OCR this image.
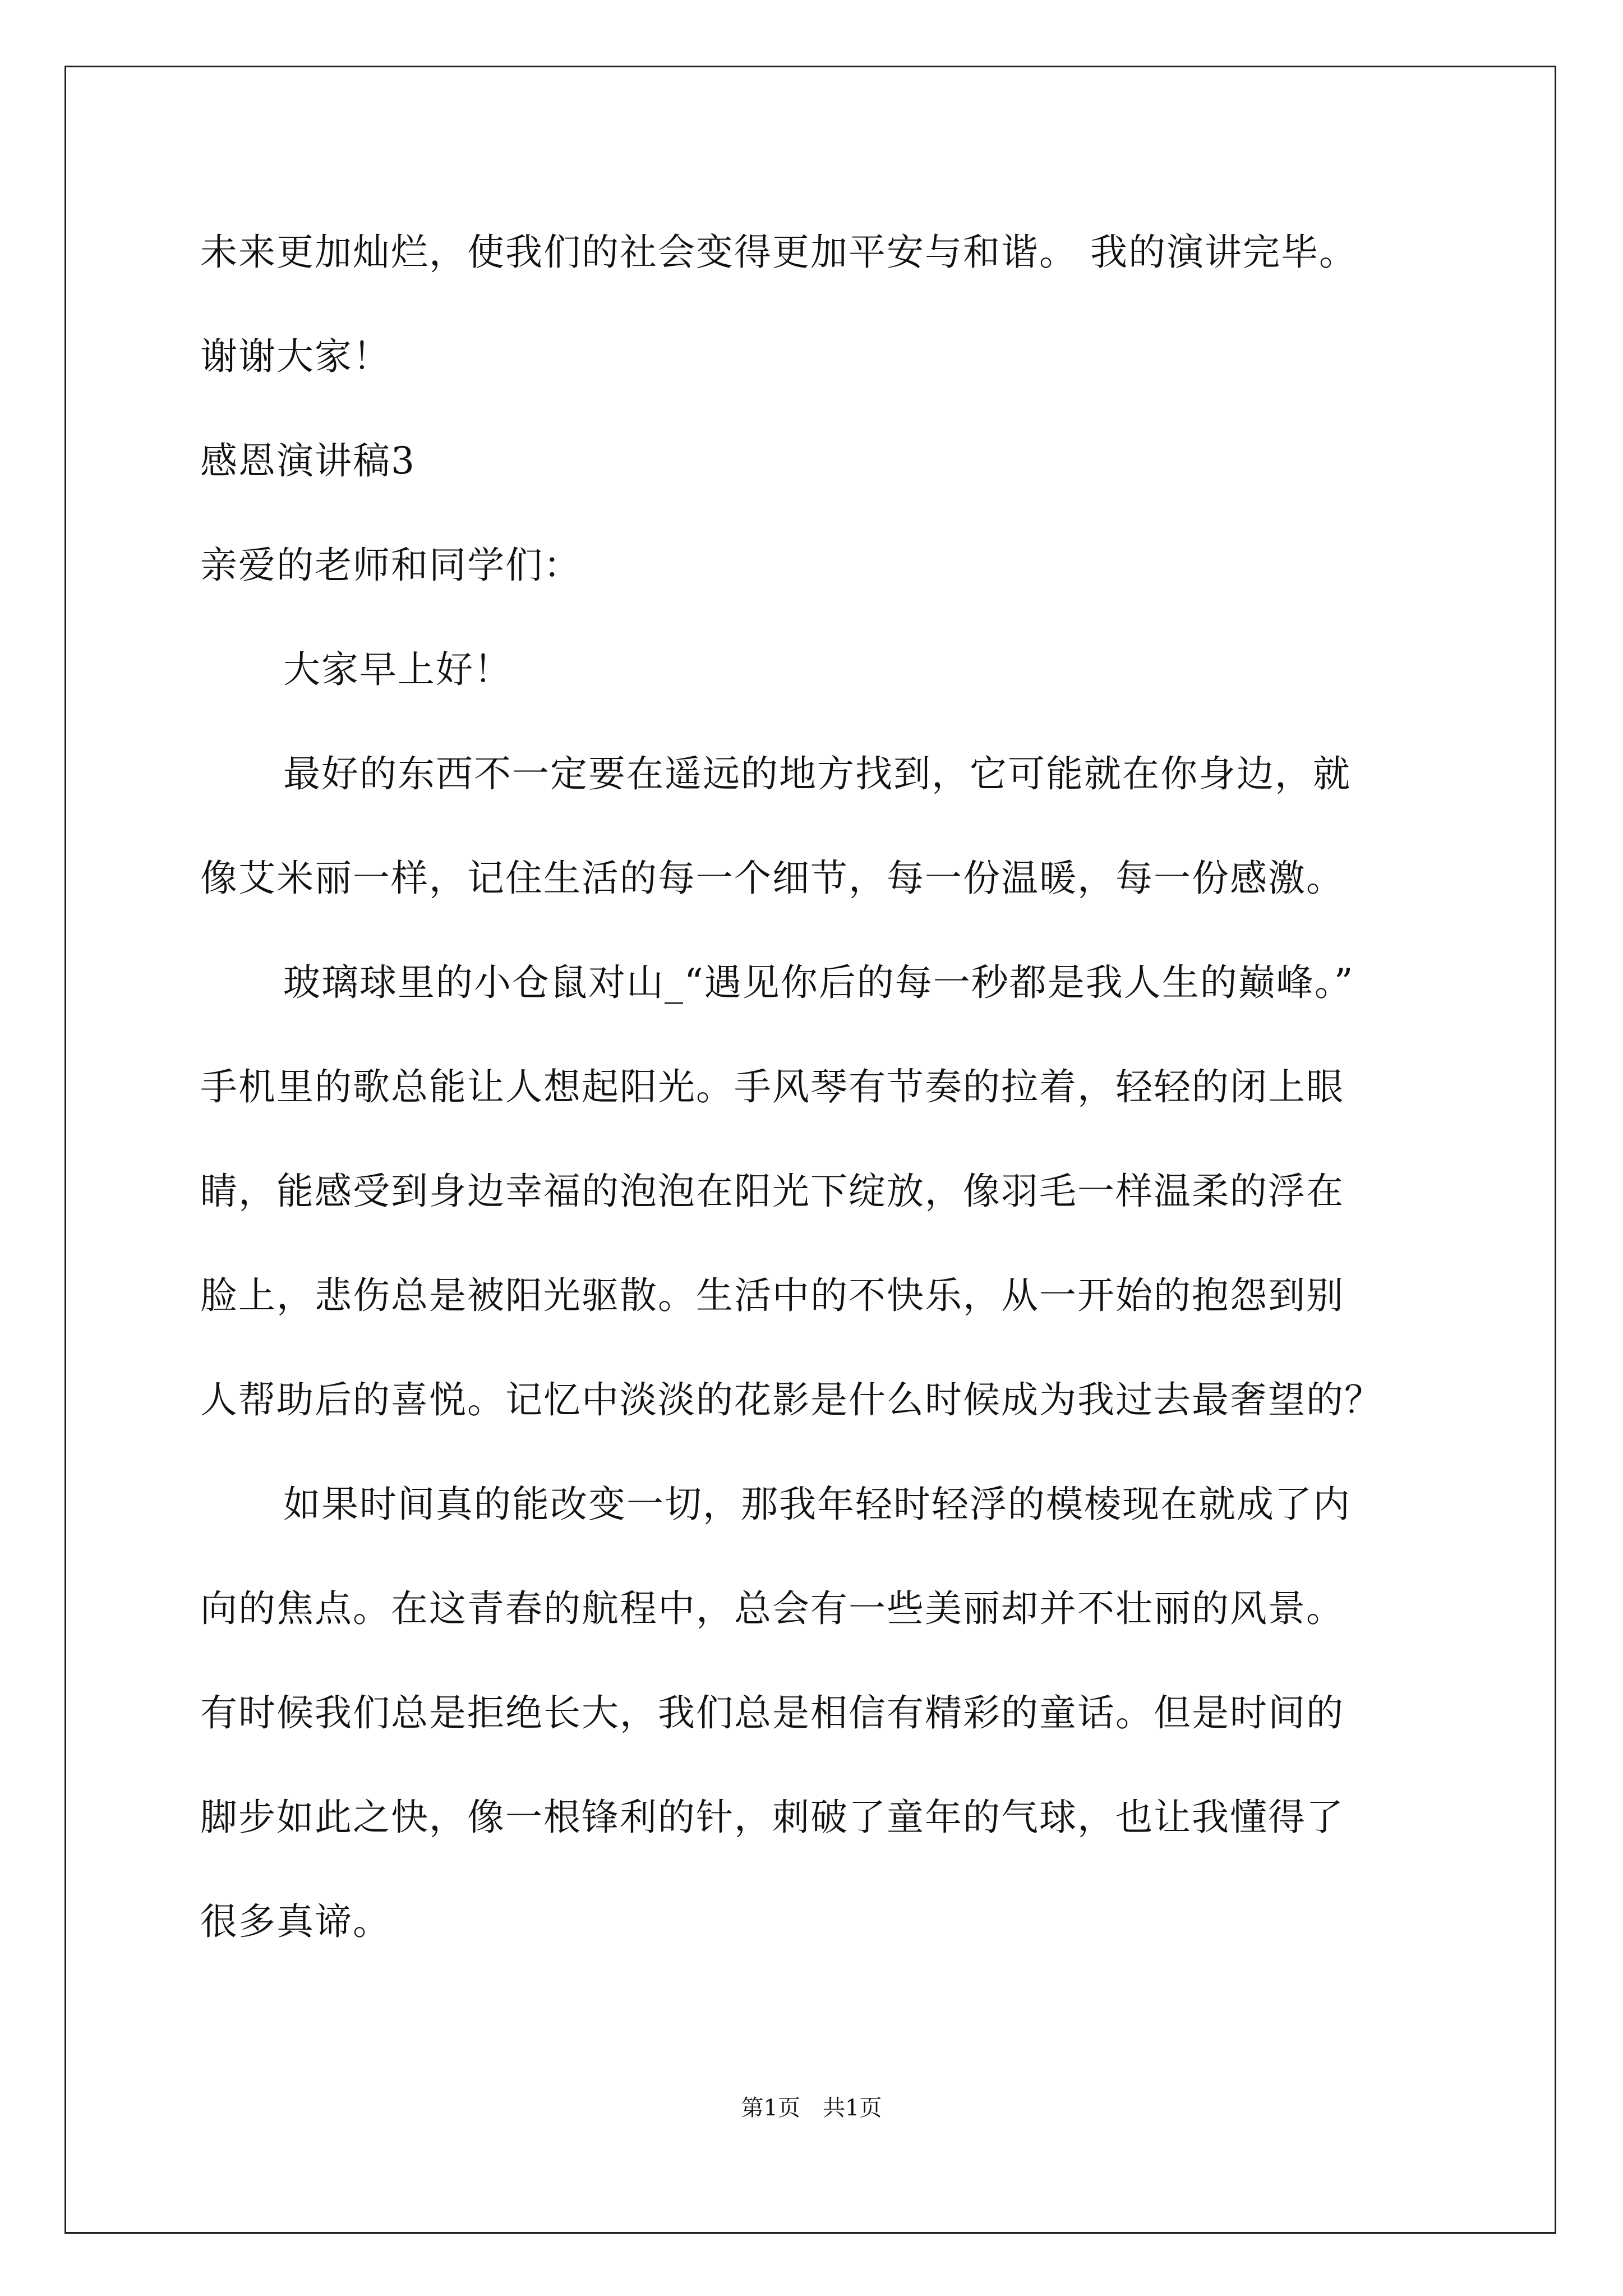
未来更加灿烂，使我们的社会变得更加平安与和谐。 我的演讲完毕。
谢谢大家！
感恩演讲稿3
亲爱的老师和同学们：
大家早上好！
最好的东西不一定要在遥远的地方找到，它可能就在你身边，就
像艾米丽一样，记住生活的每一个细节，每一份温暖，每一份感激。
玻璃球里的小仓鼠对山_“遇见你后的每一秒都是我人生的巅峰。”
手机里的歌总能让人想起阳光。手风琴有节奏的拉着，轻轻的闭上眼
睛，能感受到身边幸福的泡泡在阳光下绽放，像羽毛一样温柔的浮在
脸上，悲伤总是被阳光驱散。生活中的不快乐，从一开始的抱怨到别
人帮助后的喜悦。记忆中淡淡的花影是什么时候成为我过去最奢望的？
如果时间真的能改变一切，那我年轻时轻浮的模棱现在就成了内
向的焦点。在这青春的航程中，总会有一些美丽却并不壮丽的风景。
有时候我们总是拒绝长大，我们总是相信有精彩的童话。但是时间的
脚步如此之快，像一根锋利的针，刺破了童年的气球，也让我懂得了
很多真谛。
第1页　共1页
